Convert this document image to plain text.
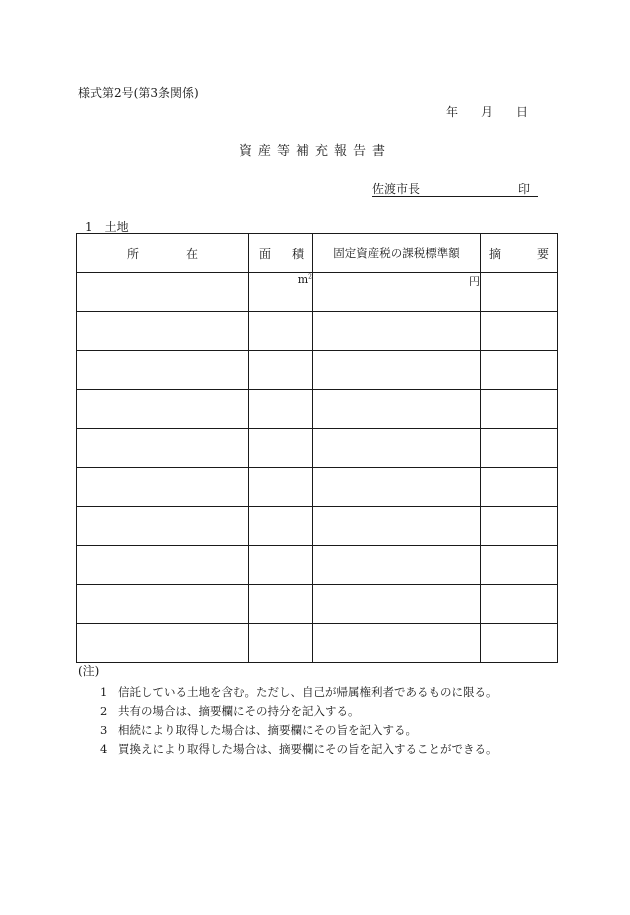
様式第2号(第3条関係)
年 月 日
資産等補充報告書
佐渡市長	印
1　土地
所 在	面 積	固定資産税の課税標準額	摘 要

	$m^2$	円	

(注)
1 信託している土地を含む。ただし、自己が帰属権利者であるものに限る。
2 共有の場合は、摘要欄にその持分を記入する。
3 相続により取得した場合は、摘要欄にその旨を記入する。
4 買換えにより取得した場合は、摘要欄にその旨を記入することができる。
